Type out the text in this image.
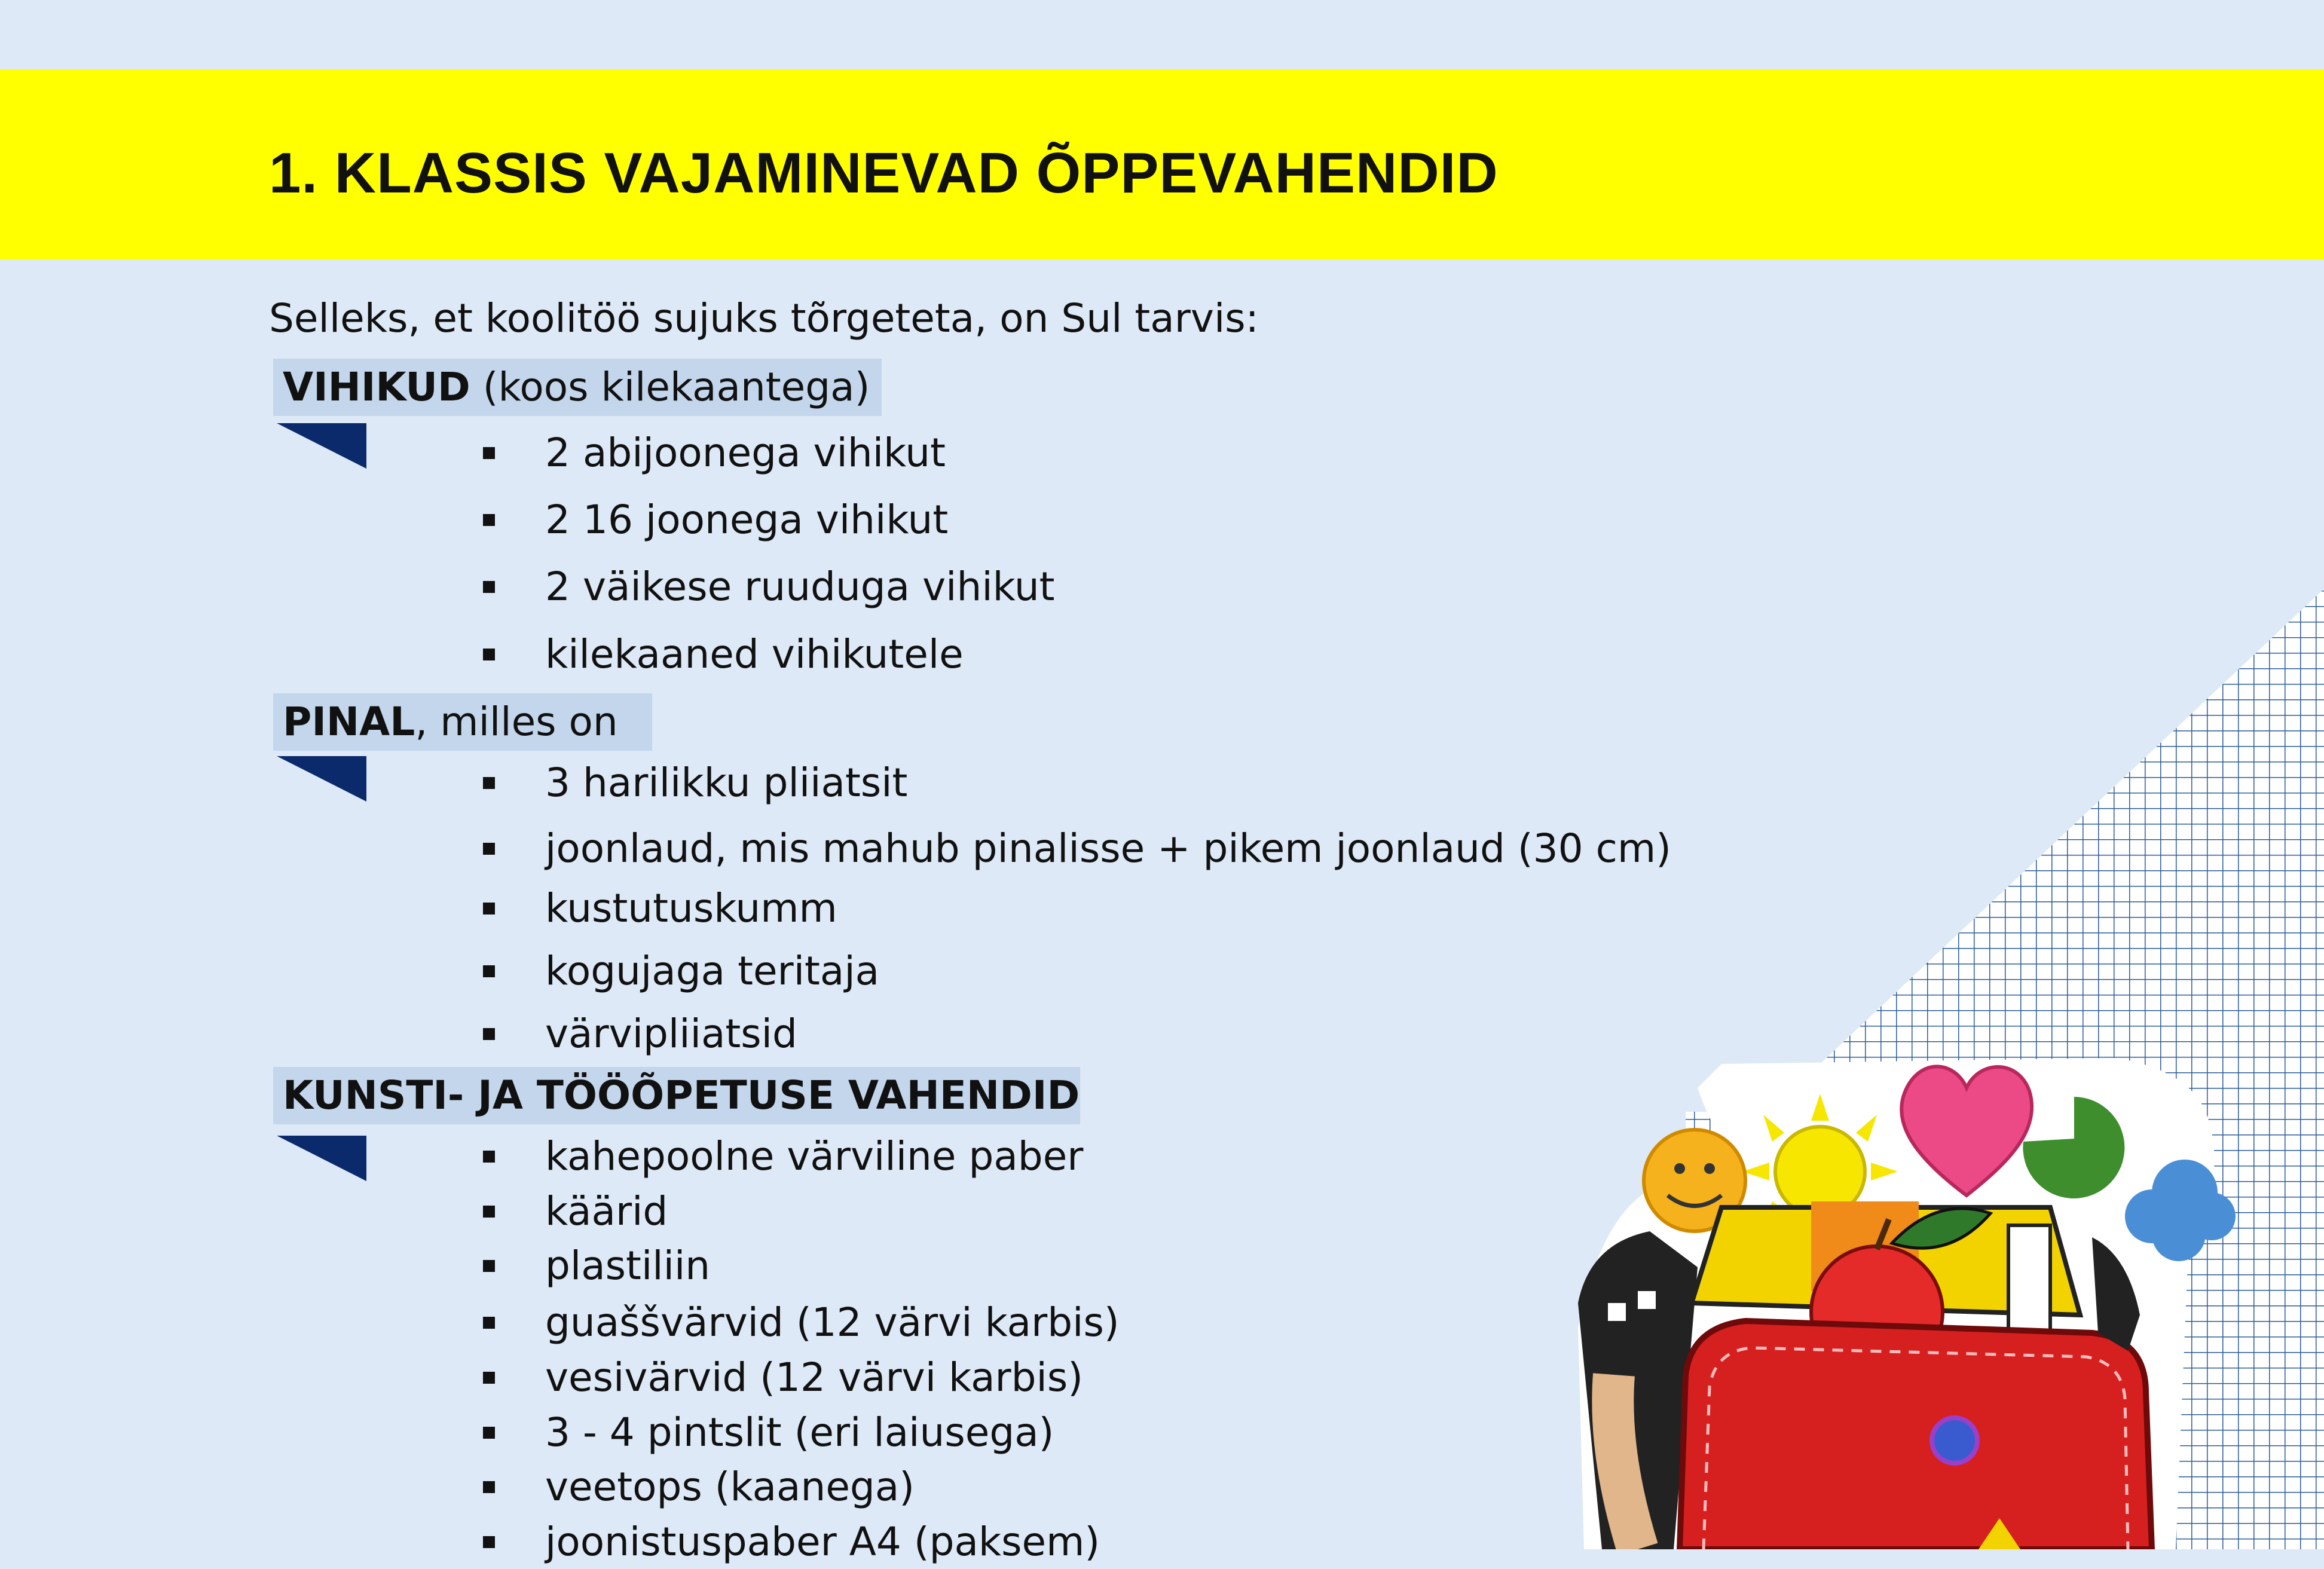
1. KLASSIS VAJAMINEVAD ÕPPEVAHENDID
Selleks, et koolitöö sujuks tõrgeteta, on Sul tarvis:
VIHIKUD (koos kilekaantega)
2 abijoonega vihikut
2 16 joonega vihikut
2 väikese ruuduga vihikut
kilekaaned vihikutele
PINAL, milles on
3 harilikku pliiatsit
joonlaud, mis mahub pinalisse + pikem joonlaud (30 cm)
kustutuskumm
kogujaga teritaja
värvipliiatsid
KUNSTI- JA TÖÖÕPETUSE VAHENDID
kahepoolne värviline paber
käärid
plastiliin
guaššvärvid (12 värvi karbis)
vesivärvid (12 värvi karbis)
3 - 4 pintslit (eri laiusega)
veetops (kaanega)
joonistuspaber A4 (paksem)
